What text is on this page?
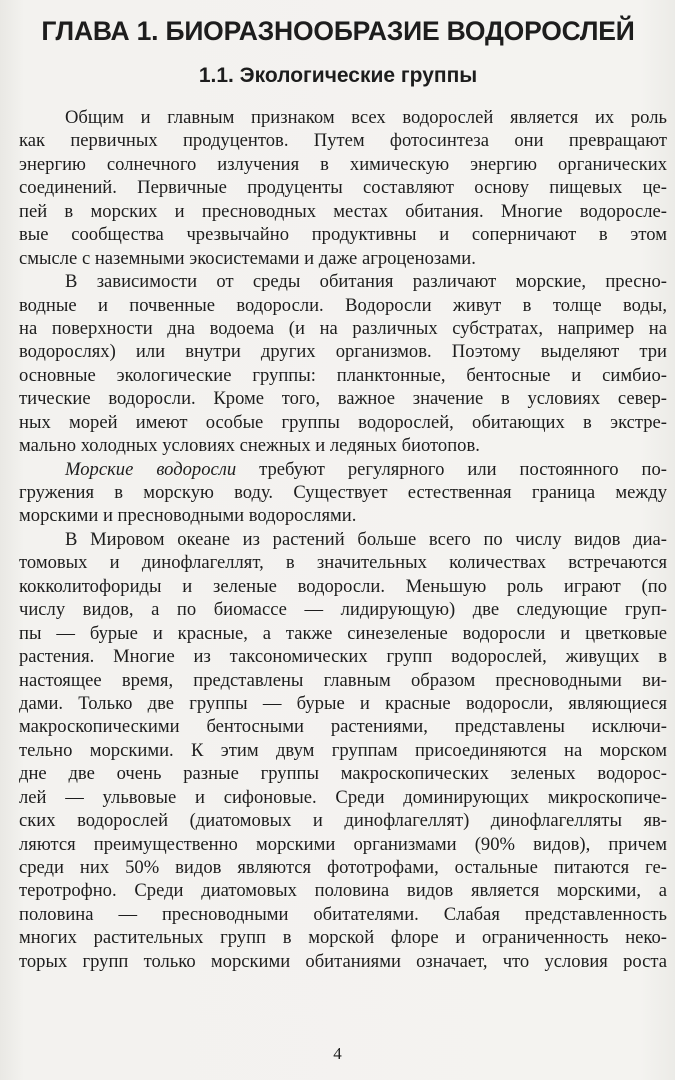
ГЛАВА 1. БИОРАЗНООБРАЗИЕ ВОДОРОСЛЕЙ
1.1. Экологические группы
Общим и главным признаком всех водорослей является их роль
как первичных продуцентов. Путем фотосинтеза они превращают
энергию солнечного излучения в химическую энергию органических
соединений. Первичные продуценты составляют основу пищевых це-
пей в морских и пресноводных местах обитания. Многие водоросле-
вые сообщества чрезвычайно продуктивны и соперничают в этом
смысле с наземными экосистемами и даже агроценозами.
В зависимости от среды обитания различают морские, пресно-
водные и почвенные водоросли. Водоросли живут в толще воды,
на поверхности дна водоема (и на различных субстратах, например на
водорослях) или внутри других организмов. Поэтому выделяют три
основные экологические группы: планктонные, бентосные и симбио-
тические водоросли. Кроме того, важное значение в условиях север-
ных морей имеют особые группы водорослей, обитающих в экстре-
мально холодных условиях снежных и ледяных биотопов.
Морские водоросли требуют регулярного или постоянного по-
гружения в морскую воду. Существует естественная граница между
морскими и пресноводными водорослями.
В Мировом океане из растений больше всего по числу видов диа-
томовых и динофлагеллят, в значительных количествах встречаются
кокколитофориды и зеленые водоросли. Меньшую роль играют (по
числу видов, а по биомассе — лидирующую) две следующие груп-
пы — бурые и красные, а также синезеленые водоросли и цветковые
растения. Многие из таксономических групп водорослей, живущих в
настоящее время, представлены главным образом пресноводными ви-
дами. Только две группы — бурые и красные водоросли, являющиеся
макроскопическими бентосными растениями, представлены исключи-
тельно морскими. К этим двум группам присоединяются на морском
дне две очень разные группы макроскопических зеленых водорос-
лей — ульвовые и сифоновые. Среди доминирующих микроскопиче-
ских водорослей (диатомовых и динофлагеллят) динофлагелляты яв-
ляются преимущественно морскими организмами (90% видов), причем
среди них 50% видов являются фототрофами, остальные питаются ге-
теротрофно. Среди диатомовых половина видов является морскими, а
половина — пресноводными обитателями. Слабая представленность
многих растительных групп в морской флоре и ограниченность неко-
торых групп только морскими обитаниями означает, что условия роста

4
